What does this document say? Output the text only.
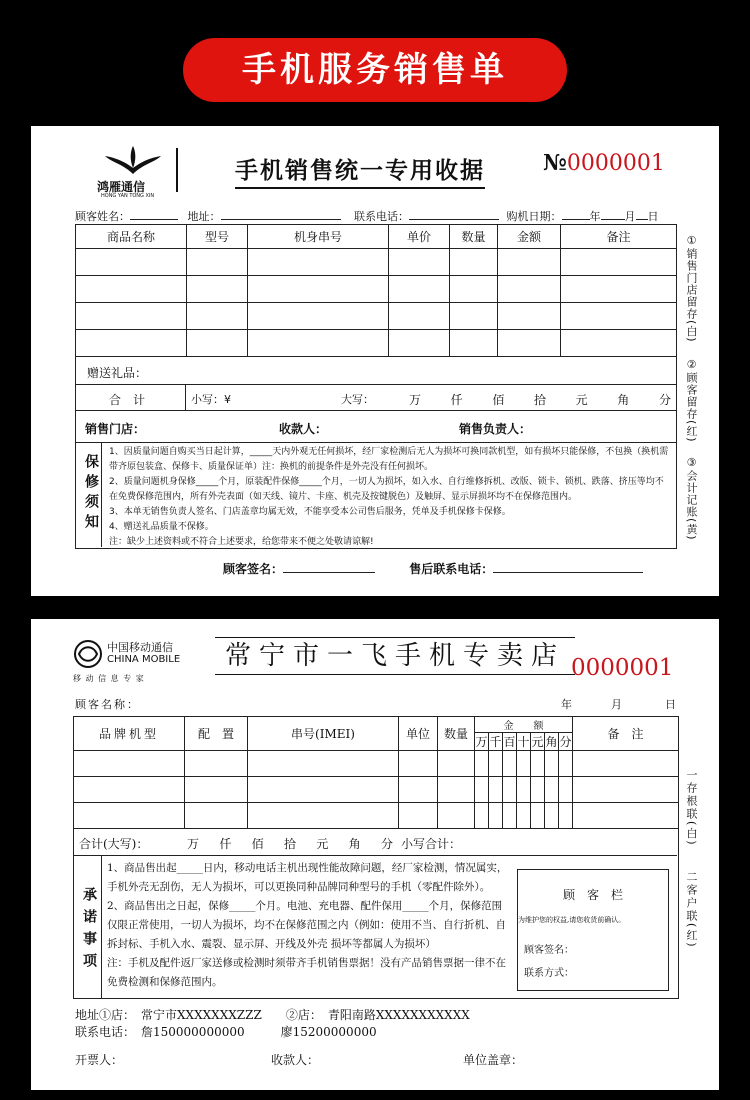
手机服务销售单
鸿雁通信
HONG YAN TONG XIN
手机销售统一专用收据	№0000001
顾客姓名：	地址：	联系电话：	购机日期：	年 月 日
商品名称	型号	机身串号	单价	数量	金额	备注

赠送礼品：
合　计	小写：¥	大写：	万 仟 佰 拾 元 角 分
销售门店：	收款人：	销售负责人：
保修须知
1、因质量问题自购买当日起计算，_____天内外观无任何损坏，经厂家检测后无人为损坏可换同款机型，如有损坏只能保修，不包换（换机需带齐原包装盒、保修卡、质量保证单）注：换机的前提条件是外壳没有任何损坏。
2、质量问题机身保修_____个月，原装配件保修_____个月，一切人为损坏，如入水、自行维修拆机、改版、锁卡、锁机、跌落、挤压等均不在免费保修范围内，所有外壳表面（如天线、镜片、卡座、机壳及按键脱色）及触屏、显示屏损坏均不在保修范围内。
3、本单无销售负责人签名、门店盖章均属无效，不能享受本公司售后服务，凭单及手机保修卡保修。
4、赠送礼品质量不保修。
注：缺少上述资料或不符合上述要求，给您带来不便之处敬请谅解!
顾客签名：	售后联系电话：
①销售门店留存(白)
②顾客留存(红)
③会计记账(黄)
中国移动通信
CHINA MOBILE
移 动 信 息 专 家
常宁市一飞手机专卖店 0000001
顾客名称：	年	月	日
品牌机型	配　置	串号(IMEI)	单位	数量	金　　额							备　注
					万	千	百	十	元	角	分	

合计(大写)：	万 仟 佰 拾 元 角 分 小写合计：
承诺事项
1、商品售出起_____日内，移动电话主机出现性能故障问题，经厂家检测，情况属实，手机外壳无刮伤，无人为损坏，可以更换同种品牌同种型号的手机（零配件除外）。
2、商品售出之日起，保修_____个月。电池、充电器、配件保用_____个月，保修范围仅限正常使用，一切人为损坏，均不在保修范围之内（例如：使用不当、自行折机、自拆封标、手机入水、震裂、显示屏、开线及外壳 损坏等都属人为损坏）
注：手机及配件返厂家送修或检测时须带齐手机销售票据！没有产品销售票据一律不在免费检测和保修范围内。
顾　客　栏
为维护您的权益,请您收货前确认。
顾客签名：
联系方式：
地址①店：　常宁市XXXXXXXZZZ　　②店：　青阳南路XXXXXXXXXXX
联系电话：　詹150000000000　　　廖15200000000
开票人：	收款人：	单位盖章：
一存根联(白)
二客户联(红)
